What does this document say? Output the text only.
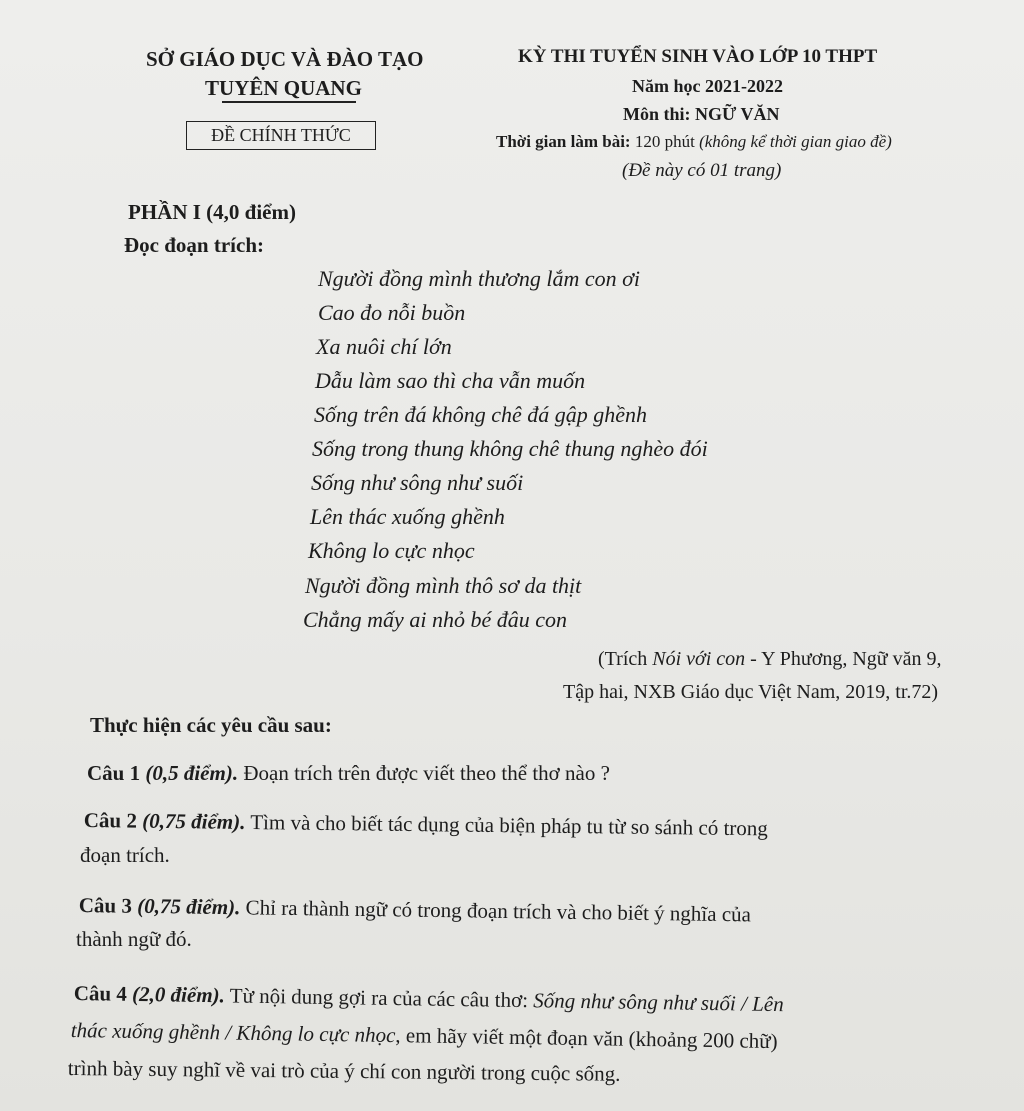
SỞ GIÁO DỤC VÀ ĐÀO TẠO
TUYÊN QUANG
ĐỀ CHÍNH THỨC
KỲ THI TUYỂN SINH VÀO LỚP 10 THPT
Năm học 2021-2022
Môn thi: NGỮ VĂN
Thời gian làm bài: 120 phút (không kể thời gian giao đề)
(Đề này có 01 trang)
PHẦN I (4,0 điểm)
Đọc đoạn trích:
Người đồng mình thương lắm con ơi
Cao đo nỗi buồn
Xa nuôi chí lớn
Dẫu làm sao thì cha vẫn muốn
Sống trên đá không chê đá gập ghềnh
Sống trong thung không chê thung nghèo đói
Sống như sông như suối
Lên thác xuống ghềnh
Không lo cực nhọc
Người đồng mình thô sơ da thịt
Chẳng mấy ai nhỏ bé đâu con
(Trích Nói với con - Y Phương, Ngữ văn 9,
Tập hai, NXB Giáo dục Việt Nam, 2019, tr.72)
Thực hiện các yêu cầu sau:
Câu 1 (0,5 điểm). Đoạn trích trên được viết theo thể thơ nào ?
Câu 2 (0,75 điểm). Tìm và cho biết tác dụng của biện pháp tu từ so sánh có trong
đoạn trích.
Câu 3 (0,75 điểm). Chỉ ra thành ngữ có trong đoạn trích và cho biết ý nghĩa của
thành ngữ đó.
Câu 4 (2,0 điểm). Từ nội dung gợi ra của các câu thơ: Sống như sông như suối / Lên
thác xuống ghềnh / Không lo cực nhọc, em hãy viết một đoạn văn (khoảng 200 chữ)
trình bày suy nghĩ về vai trò của ý chí con người trong cuộc sống.
